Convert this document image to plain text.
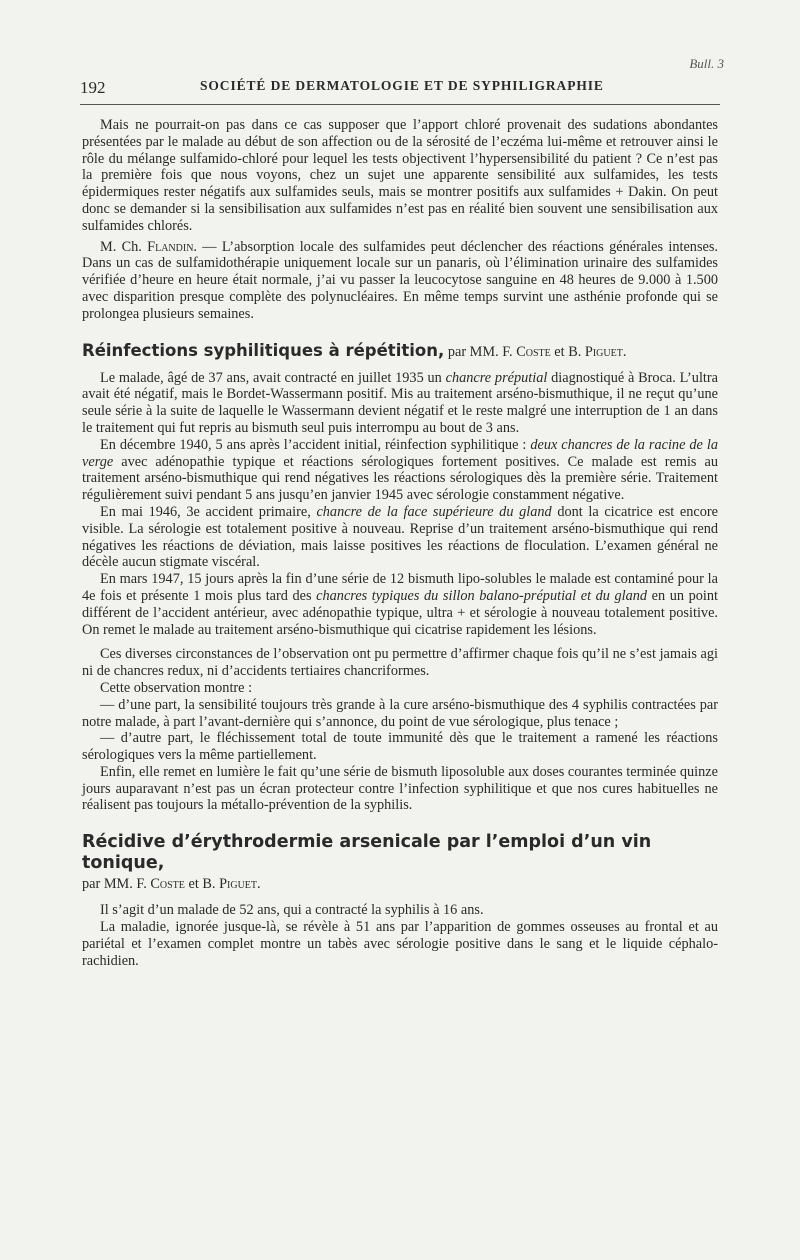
Bull. 3
192	SOCIÉTÉ DE DERMATOLOGIE ET DE SYPHILIGRAPHIE

Mais ne pourrait-on pas dans ce cas supposer que l’apport chloré provenait des sudations abondantes présentées par le malade au début de son affection ou de la sérosité de l’eczéma lui-même et retrouver ainsi le rôle du mélange sulfamido-chloré pour lequel les tests objectivent l’hypersensibilité du patient ? Ce n’est pas la première fois que nous voyons, chez un sujet une apparente sensibilité aux sulfamides, les tests épidermiques rester négatifs aux sulfamides seuls, mais se montrer positifs aux sulfamides + Dakin. On peut donc se demander si la sensibilisation aux sulfamides n’est pas en réalité bien souvent une sensibilisation aux sulfamides chlorés.

M. Ch. Flandin. — L’absorption locale des sulfamides peut déclencher des réactions générales intenses. Dans un cas de sulfamidothérapie uniquement locale sur un panaris, où l’élimination urinaire des sulfamides vérifiée d’heure en heure était normale, j’ai vu passer la leucocytose sanguine en 48 heures de 9.000 à 1.500 avec disparition presque complète des polynucléaires. En même temps survint une asthénie profonde qui se prolongea plusieurs semaines.

Réinfections syphilitiques à répétition, par MM. F. Coste et B. Piguet.

Le malade, âgé de 37 ans, avait contracté en juillet 1935 un chancre préputial diagnostiqué à Broca. L’ultra avait été négatif, mais le Bordet-Wassermann positif. Mis au traitement arséno-bismuthique, il ne reçut qu’une seule série à la suite de laquelle le Wassermann devient négatif et le reste malgré une interruption de 1 an dans le traitement qui fut repris au bismuth seul puis interrompu au bout de 3 ans.

En décembre 1940, 5 ans après l’accident initial, réinfection syphilitique : deux chancres de la racine de la verge avec adénopathie typique et réactions sérologiques fortement positives. Ce malade est remis au traitement arséno-bismuthique qui rend négatives les réactions sérologiques dès la première série. Traitement régulièrement suivi pendant 5 ans jusqu’en janvier 1945 avec sérologie constamment négative.

En mai 1946, 3e accident primaire, chancre de la face supérieure du gland dont la cicatrice est encore visible. La sérologie est totalement positive à nouveau. Reprise d’un traitement arséno-bismuthique qui rend négatives les réactions de déviation, mais laisse positives les réactions de floculation. L’examen général ne décèle aucun stigmate viscéral.

En mars 1947, 15 jours après la fin d’une série de 12 bismuth lipo-solubles le malade est contaminé pour la 4e fois et présente 1 mois plus tard des chancres typiques du sillon balano-préputial et du gland en un point différent de l’accident antérieur, avec adénopathie typique, ultra + et sérologie à nouveau totalement positive. On remet le malade au traitement arséno-bismuthique qui cicatrise rapidement les lésions.

Ces diverses circonstances de l’observation ont pu permettre d’affirmer chaque fois qu’il ne s’est jamais agi ni de chancres redux, ni d’accidents tertiaires chancriformes.

Cette observation montre :

— d’une part, la sensibilité toujours très grande à la cure arséno-bismuthique des 4 syphilis contractées par notre malade, à part l’avant-dernière qui s’annonce, du point de vue sérologique, plus tenace ;

— d’autre part, le fléchissement total de toute immunité dès que le traitement a ramené les réactions sérologiques vers la même partiellement.

Enfin, elle remet en lumière le fait qu’une série de bismuth liposoluble aux doses courantes terminée quinze jours auparavant n’est pas un écran protecteur contre l’infection syphilitique et que nos cures habituelles ne réalisent pas toujours la métallo-prévention de la syphilis.

Récidive d’érythrodermie arsenicale par l’emploi d’un vin tonique,
par MM. F. Coste et B. Piguet.

Il s’agit d’un malade de 52 ans, qui a contracté la syphilis à 16 ans.

La maladie, ignorée jusque-là, se révèle à 51 ans par l’apparition de gommes osseuses au frontal et au pariétal et l’examen complet montre un tabès avec sérologie positive dans le sang et le liquide céphalo-rachidien.
